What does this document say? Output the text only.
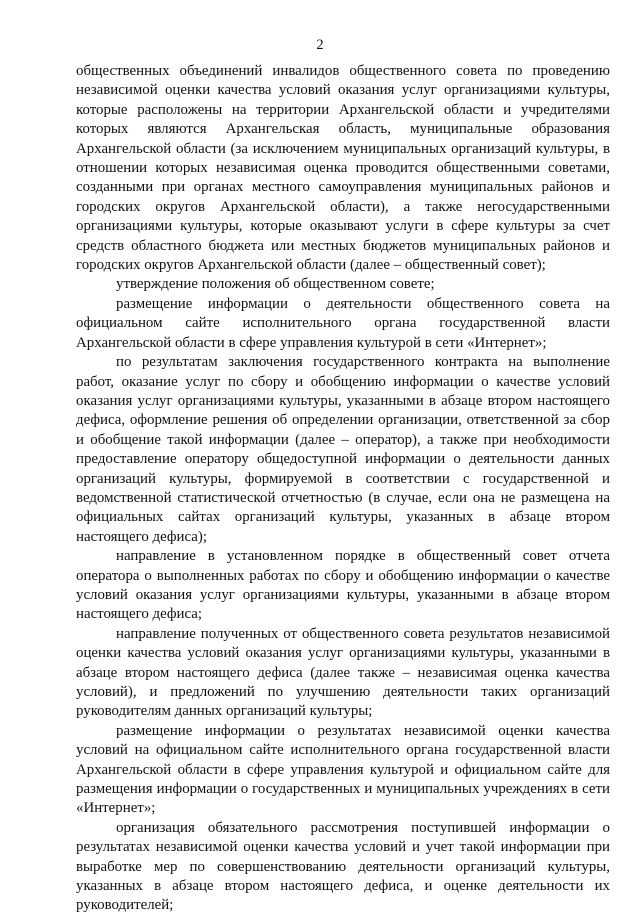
2

общественных объединений инвалидов общественного совета по проведению независимой оценки качества условий оказания услуг организациями культуры, которые расположены на территории Архангельской области и учредителями которых являются Архангельская область, муниципальные образования Архангельской области (за исключением муниципальных организаций культуры, в отношении которых независимая оценка проводится общественными советами, созданными при органах местного самоуправления муниципальных районов и городских округов Архангельской области), а также негосударственными организациями культуры, которые оказывают услуги в сфере культуры за счет средств областного бюджета или местных бюджетов муниципальных районов и городских округов Архангельской области (далее – общественный совет);

утверждение положения об общественном совете;

размещение информации о деятельности общественного совета на официальном сайте исполнительного органа государственной власти Архангельской области в сфере управления культурой в сети «Интернет»;

по результатам заключения государственного контракта на выполнение работ, оказание услуг по сбору и обобщению информации о качестве условий оказания услуг организациями культуры, указанными в абзаце втором настоящего дефиса, оформление решения об определении организации, ответственной за сбор и обобщение такой информации (далее – оператор), а также при необходимости предоставление оператору общедоступной информации о деятельности данных организаций культуры, формируемой в соответствии с государственной и ведомственной статистической отчетностью (в случае, если она не размещена на официальных сайтах организаций культуры, указанных в абзаце втором настоящего дефиса);

направление в установленном порядке в общественный совет отчета оператора о выполненных работах по сбору и обобщению информации о качестве условий оказания услуг организациями культуры, указанными в абзаце втором настоящего дефиса;

направление полученных от общественного совета результатов независимой оценки качества условий оказания услуг организациями культуры, указанными в абзаце втором настоящего дефиса (далее также – независимая оценка качества условий), и предложений по улучшению деятельности таких организаций руководителям данных организаций культуры;

размещение информации о результатах независимой оценки качества условий на официальном сайте исполнительного органа государственной власти Архангельской области в сфере управления культурой и официальном сайте для размещения информации о государственных и муниципальных учреждениях в сети «Интернет»;

организация обязательного рассмотрения поступившей информации о результатах независимой оценки качества условий и учет такой информации при выработке мер по совершенствованию деятельности организаций культуры, указанных в абзаце втором настоящего дефиса, и оценке деятельности их руководителей;
